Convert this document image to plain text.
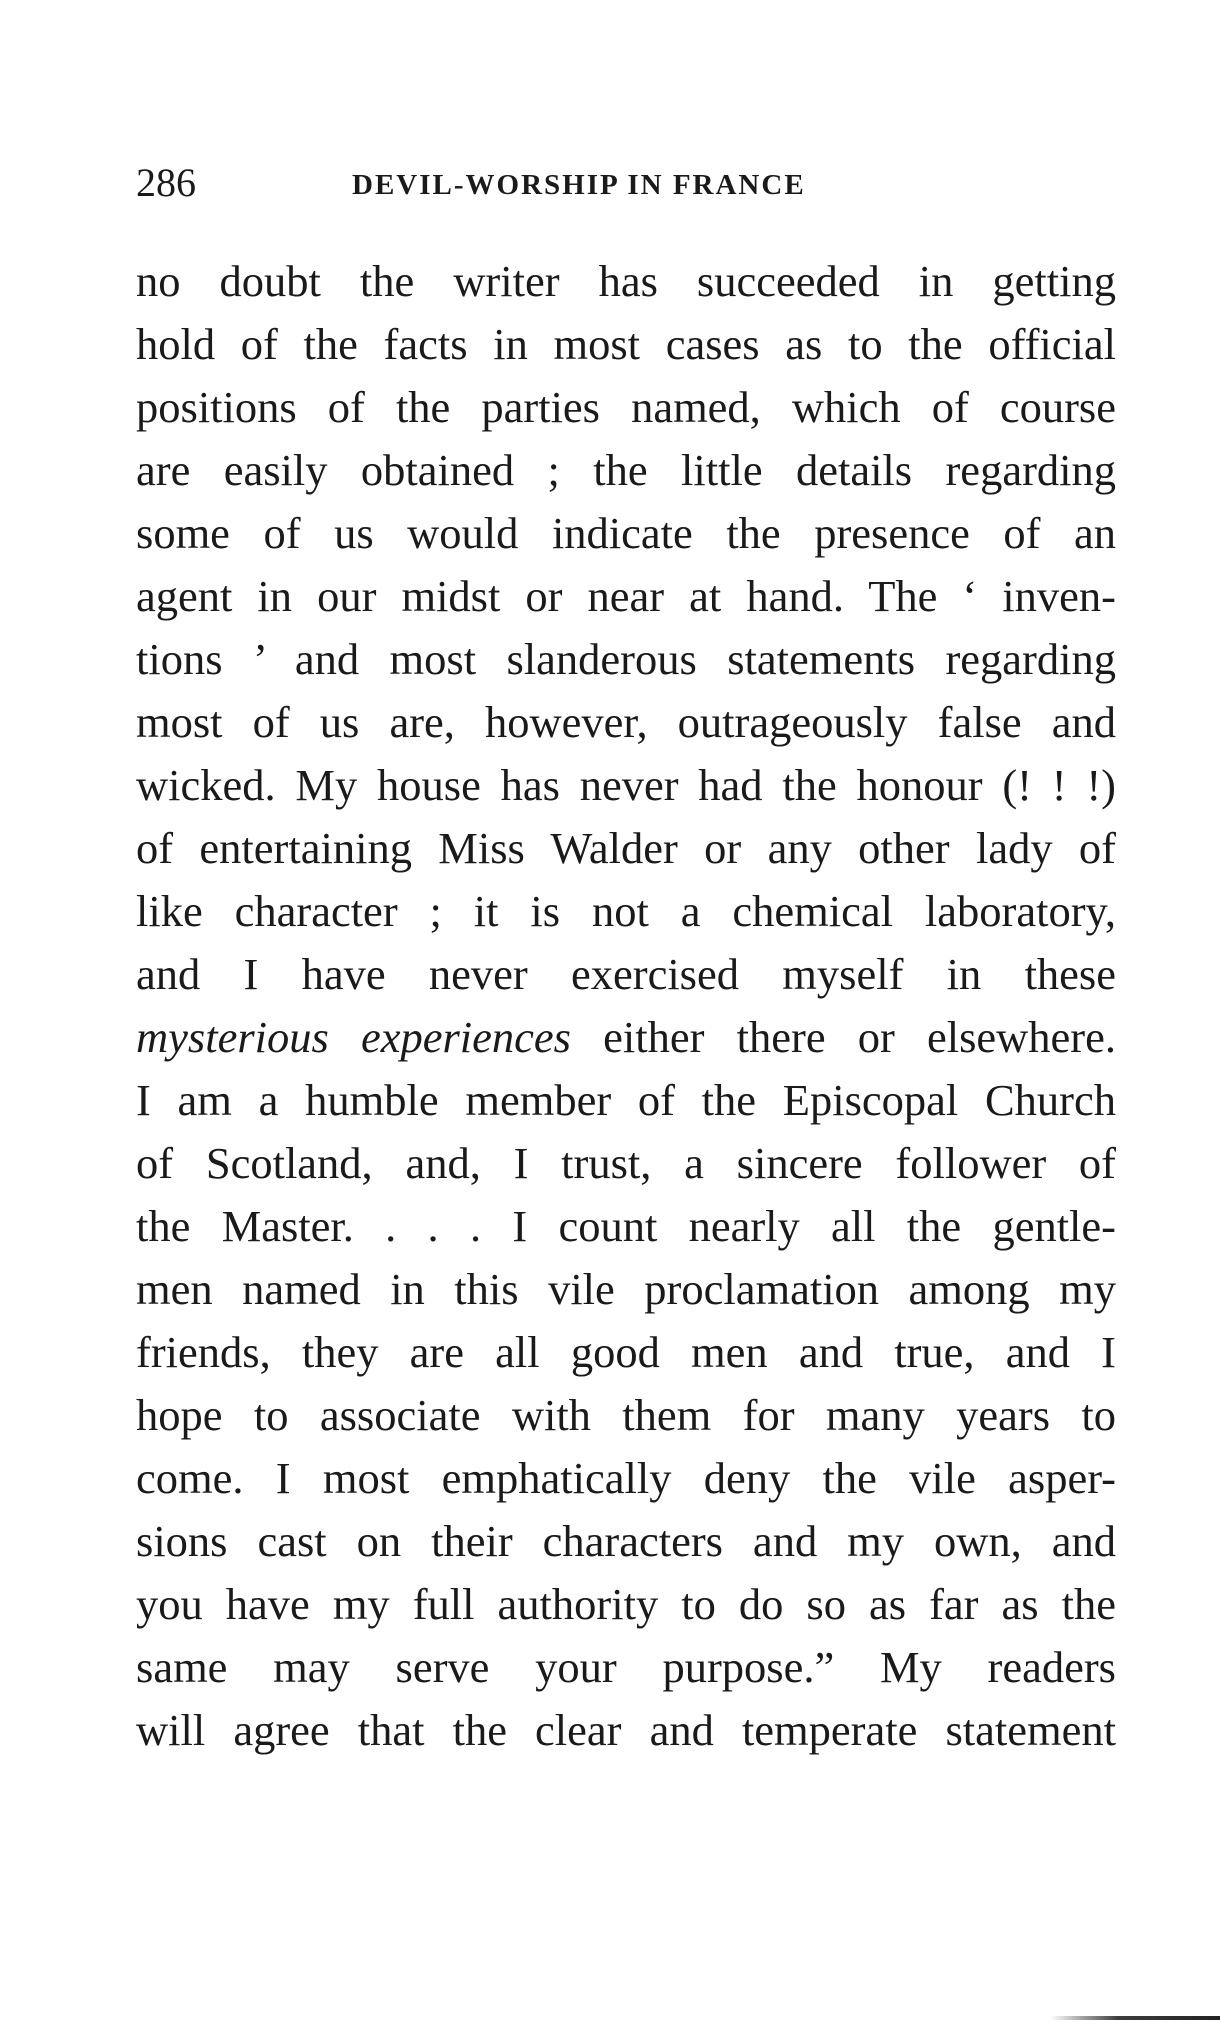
286	DEVIL-WORSHIP IN FRANCE
no doubt the writer has succeeded in getting
hold of the facts in most cases as to the official
positions of the parties named, which of course
are easily obtained ; the little details regarding
some of us would indicate the presence of an
agent in our midst or near at hand. The ‘ inven-
tions ’ and most slanderous statements regarding
most of us are, however, outrageously false and
wicked. My house has never had the honour (! ! !)
of entertaining Miss Walder or any other lady of
like character ; it is not a chemical laboratory,
and I have never exercised myself in these
mysterious experiences either there or elsewhere.
I am a humble member of the Episcopal Church
of Scotland, and, I trust, a sincere follower of
the Master. . . . I count nearly all the gentle-
men named in this vile proclamation among my
friends, they are all good men and true, and I
hope to associate with them for many years to
come. I most emphatically deny the vile asper-
sions cast on their characters and my own, and
you have my full authority to do so as far as the
same may serve your purpose.” My readers
will agree that the clear and temperate statement
